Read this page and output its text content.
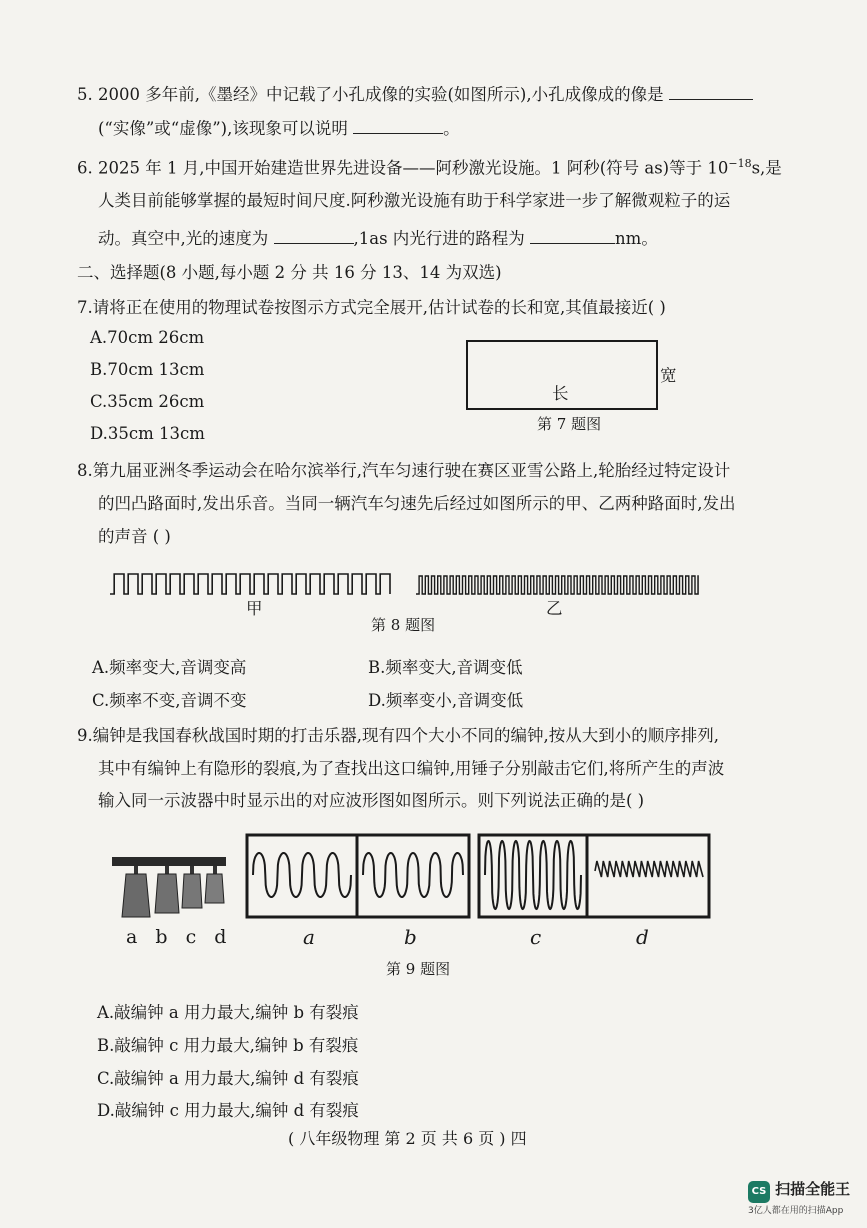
5. 2000 多年前,《墨经》中记载了小孔成像的实验(如图所示),小孔成像成的像是
(“实像”或“虚像”),该现象可以说明	。
6. 2025 年 1 月,中国开始建造世界先进设备——阿秒激光设施。1 阿秒(符号 as)等于 $10^{-18}s$,是
人类目前能够掌握的最短时间尺度.阿秒激光设施有助于科学家进一步了解微观粒子的运
动。真空中,光的速度为	,1as 内光行进的路程为	nm。
二、选择题(8 小题,每小题 2 分 共 16 分 13、14 为双选)
7.请将正在使用的物理试卷按图示方式完全展开,估计试卷的长和宽,其值最接近( )
A.70cm 26cm
B.70cm 13cm
C.35cm 26cm
D.35cm 13cm
长
宽
第 7 题图
8.第九届亚洲冬季运动会在哈尔滨举行,汽车匀速行驶在赛区亚雪公路上,轮胎经过特定设计
的凹凸路面时,发出乐音。当同一辆汽车匀速先后经过如图所示的甲、乙两种路面时,发出
的声音 ( )
甲	乙
第 8 题图
A.频率变大,音调变高	B.频率变大,音调变低
C.频率不变,音调不变	D.频率变小,音调变低
9.编钟是我国春秋战国时期的打击乐器,现有四个大小不同的编钟,按从大到小的顺序排列,
其中有编钟上有隐形的裂痕,为了查找出这口编钟,用锤子分别敲击它们,将所产生的声波
输入同一示波器中时显示出的对应波形图如图所示。则下列说法正确的是( )
a b c d	a	b	c	d
第 9 题图
A.敲编钟 a 用力最大,编钟 b 有裂痕
B.敲编钟 c 用力最大,编钟 b 有裂痕
C.敲编钟 a 用力最大,编钟 d 有裂痕
D.敲编钟 c 用力最大,编钟 d 有裂痕
( 八年级物理 第 2 页 共 6 页 ) 四
CS 扫描全能王
3亿人都在用的扫描App
